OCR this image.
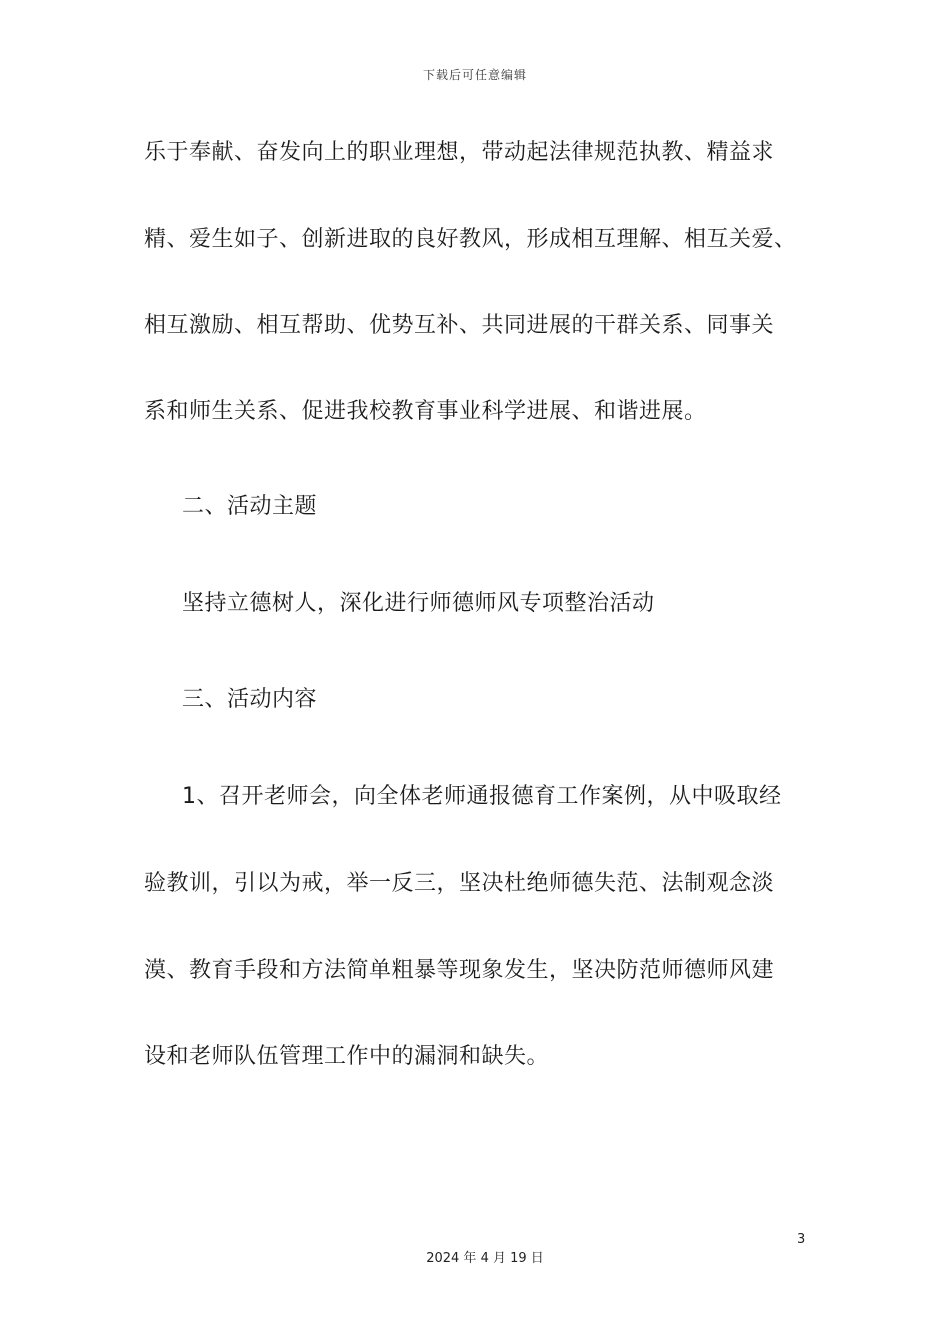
下载后可任意编辑
乐于奉献、奋发向上的职业理想，带动起法律规范执教、精益求
精、爱生如子、创新进取的良好教风，形成相互理解、相互关爱、
相互激励、相互帮助、优势互补、共同进展的干群关系、同事关
系和师生关系、促进我校教育事业科学进展、和谐进展。
二、活动主题
坚持立德树人，深化进行师德师风专项整治活动
三、活动内容
1、召开老师会，向全体老师通报德育工作案例，从中吸取经
验教训，引以为戒，举一反三，坚决杜绝师德失范、法制观念淡
漠、教育手段和方法简单粗暴等现象发生，坚决防范师德师风建
设和老师队伍管理工作中的漏洞和缺失。
3
2024 年 4 月 19 日
